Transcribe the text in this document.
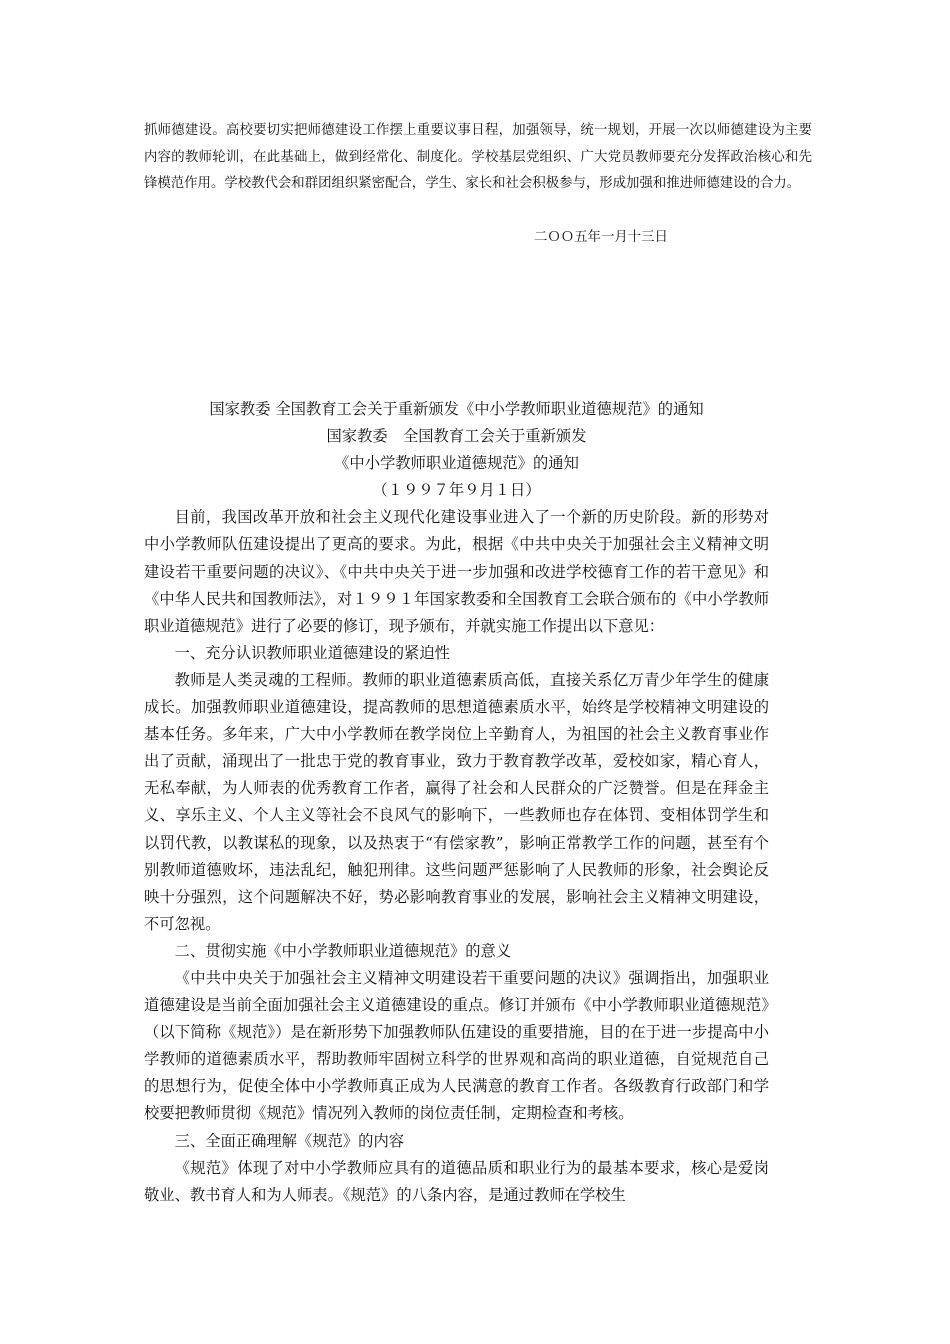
抓师德建设。高校要切实把师德建设工作摆上重要议事日程，加强领导，统一规划，开展一次以师德建设为主要内容的教师轮训，在此基础上，做到经常化、制度化。学校基层党组织、广大党员教师要充分发挥政治核心和先锋模范作用。学校教代会和群团组织紧密配合，学生、家长和社会积极参与，形成加强和推进师德建设的合力。

二ＯＯ五年一月十三日

国家教委 全国教育工会关于重新颁发《中小学教师职业道德规范》的通知

国家教委　全国教育工会关于重新颁发

《中小学教师职业道德规范》的通知

（１９９７年９月１日）

目前，我国改革开放和社会主义现代化建设事业进入了一个新的历史阶段。新的形势对中小学教师队伍建设提出了更高的要求。为此，根据《中共中央关于加强社会主义精神文明建设若干重要问题的决议》、《中共中央关于进一步加强和改进学校德育工作的若干意见》和《中华人民共和国教师法》，对１９９１年国家教委和全国教育工会联合颁布的《中小学教师职业道德规范》进行了必要的修订，现予颁布，并就实施工作提出以下意见：

一、充分认识教师职业道德建设的紧迫性

教师是人类灵魂的工程师。教师的职业道德素质高低，直接关系亿万青少年学生的健康成长。加强教师职业道德建设，提高教师的思想道德素质水平，始终是学校精神文明建设的基本任务。多年来，广大中小学教师在教学岗位上辛勤育人，为祖国的社会主义教育事业作出了贡献，涌现出了一批忠于党的教育事业，致力于教育教学改革，爱校如家，精心育人，无私奉献，为人师表的优秀教育工作者，赢得了社会和人民群众的广泛赞誉。但是在拜金主义、享乐主义、个人主义等社会不良风气的影响下，一些教师也存在体罚、变相体罚学生和以罚代教，以教谋私的现象，以及热衷于“有偿家教”，影响正常教学工作的问题，甚至有个别教师道德败坏，违法乱纪，触犯刑律。这些问题严惩影响了人民教师的形象，社会舆论反映十分强烈，这个问题解决不好，势必影响教育事业的发展，影响社会主义精神文明建设，不可忽视。

二、贯彻实施《中小学教师职业道德规范》的意义

《中共中央关于加强社会主义精神文明建设若干重要问题的决议》强调指出，加强职业道德建设是当前全面加强社会主义道德建设的重点。修订并颁布《中小学教师职业道德规范》（以下简称《规范》）是在新形势下加强教师队伍建设的重要措施，目的在于进一步提高中小学教师的道德素质水平，帮助教师牢固树立科学的世界观和高尚的职业道德，自觉规范自己的思想行为，促使全体中小学教师真正成为人民满意的教育工作者。各级教育行政部门和学校要把教师贯彻《规范》情况列入教师的岗位责任制，定期检查和考核。

三、全面正确理解《规范》的内容

《规范》体现了对中小学教师应具有的道德品质和职业行为的最基本要求，核心是爱岗敬业、教书育人和为人师表。《规范》的八条内容，是通过教师在学校生
